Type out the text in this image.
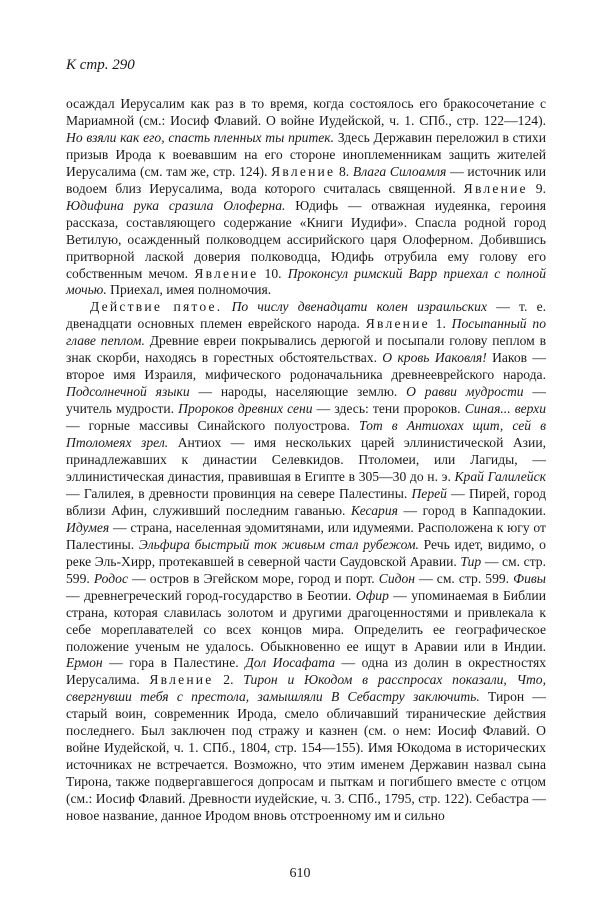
К стр. 290

осаждал Иерусалим как раз в то время, когда состоялось его бракосочетание с Мариамной (см.: Иосиф Флавий. О войне Иудейской, ч. 1. СПб., стр. 122—124). Но взяли как его, спасть пленных ты притек. Здесь Державин переложил в стихи призыв Ирода к воевавшим на его стороне иноплеменникам защить жителей Иерусалима (см. там же, стр. 124). Явление 8. Влага Силоамля — источник или водоем близ Иерусалима, вода которого считалась священной. Явление 9. Юдифина рука сразила Олоферна. Юдифь — отважная иудеянка, героиня рассказа, составляющего содержание «Книги Иудифи». Спасла родной город Ветилую, осажденный полководцем ассирийского царя Олоферном. Добившись притворной лаской доверия полководца, Юдифь отрубила ему голову его собственным мечом. Явление 10. Проконсул римский Варр приехал с полной мочью. Приехал, имея полномочия.

Действие пятое. По числу двенадцати колен израильских — т. е. двенадцати основных племен еврейского народа. Явление 1. Посыпанный по главе пеплом. Древние евреи покрывались дерюгой и посыпали голову пеплом в знак скорби, находясь в горестных обстоятельствах. О кровь Иаковля! Иаков — второе имя Израиля, мифического родоначальника древнееврейского народа. Подсолнечной языки — народы, населяющие землю. О равви мудрости — учитель мудрости. Пророков древних сени — здесь: тени пророков. Синая... верхи — горные массивы Синайского полуострова. Тот в Антиохах щит, сей в Птоломеях зрел. Антиох — имя нескольких царей эллинистической Азии, принадлежавших к династии Селевкидов. Птоломеи, или Лагиды, — эллинистическая династия, правившая в Египте в 305—30 до н. э. Край Галилейск — Галилея, в древности провинция на севере Палестины. Перей — Пирей, город вблизи Афин, служивший последним гаванью. Кесария — город в Каппадокии. Идумея — страна, населенная эдомитянами, или идумеями. Расположена к югу от Палестины. Эльфира быстрый ток живым стал рубежом. Речь идет, видимо, о реке Эль-Хирр, протекавшей в северной части Саудовской Аравии. Тир — см. стр. 599. Родос — остров в Эгейском море, город и порт. Сидон — см. стр. 599. Фивы — древнегреческий город-государство в Беотии. Офир — упоминаемая в Библии страна, которая славилась золотом и другими драгоценностями и привлекала к себе мореплавателей со всех концов мира. Определить ее географическое положение ученым не удалось. Обыкновенно ее ищут в Аравии или в Индии. Ермон — гора в Палестине. Дол Иосафата — одна из долин в окрестностях Иерусалима. Явление 2. Тирон и Юкодом в расспросах показали, Что, свергнувши тебя с престола, замышляли В Себастру заключить. Тирон — старый воин, современник Ирода, смело обличавший тиранические действия последнего. Был заключен под стражу и казнен (см. о нем: Иосиф Флавий. О войне Иудейской, ч. 1. СПб., 1804, стр. 154—155). Имя Юкодома в исторических источниках не встречается. Возможно, что этим именем Державин назвал сына Тирона, также подвергавшегося допросам и пыткам и погибшего вместе с отцом (см.: Иосиф Флавий. Древности иудейские, ч. 3. СПб., 1795, стр. 122). Себастра — новое название, данное Иродом вновь отстроенному им и сильно

610
